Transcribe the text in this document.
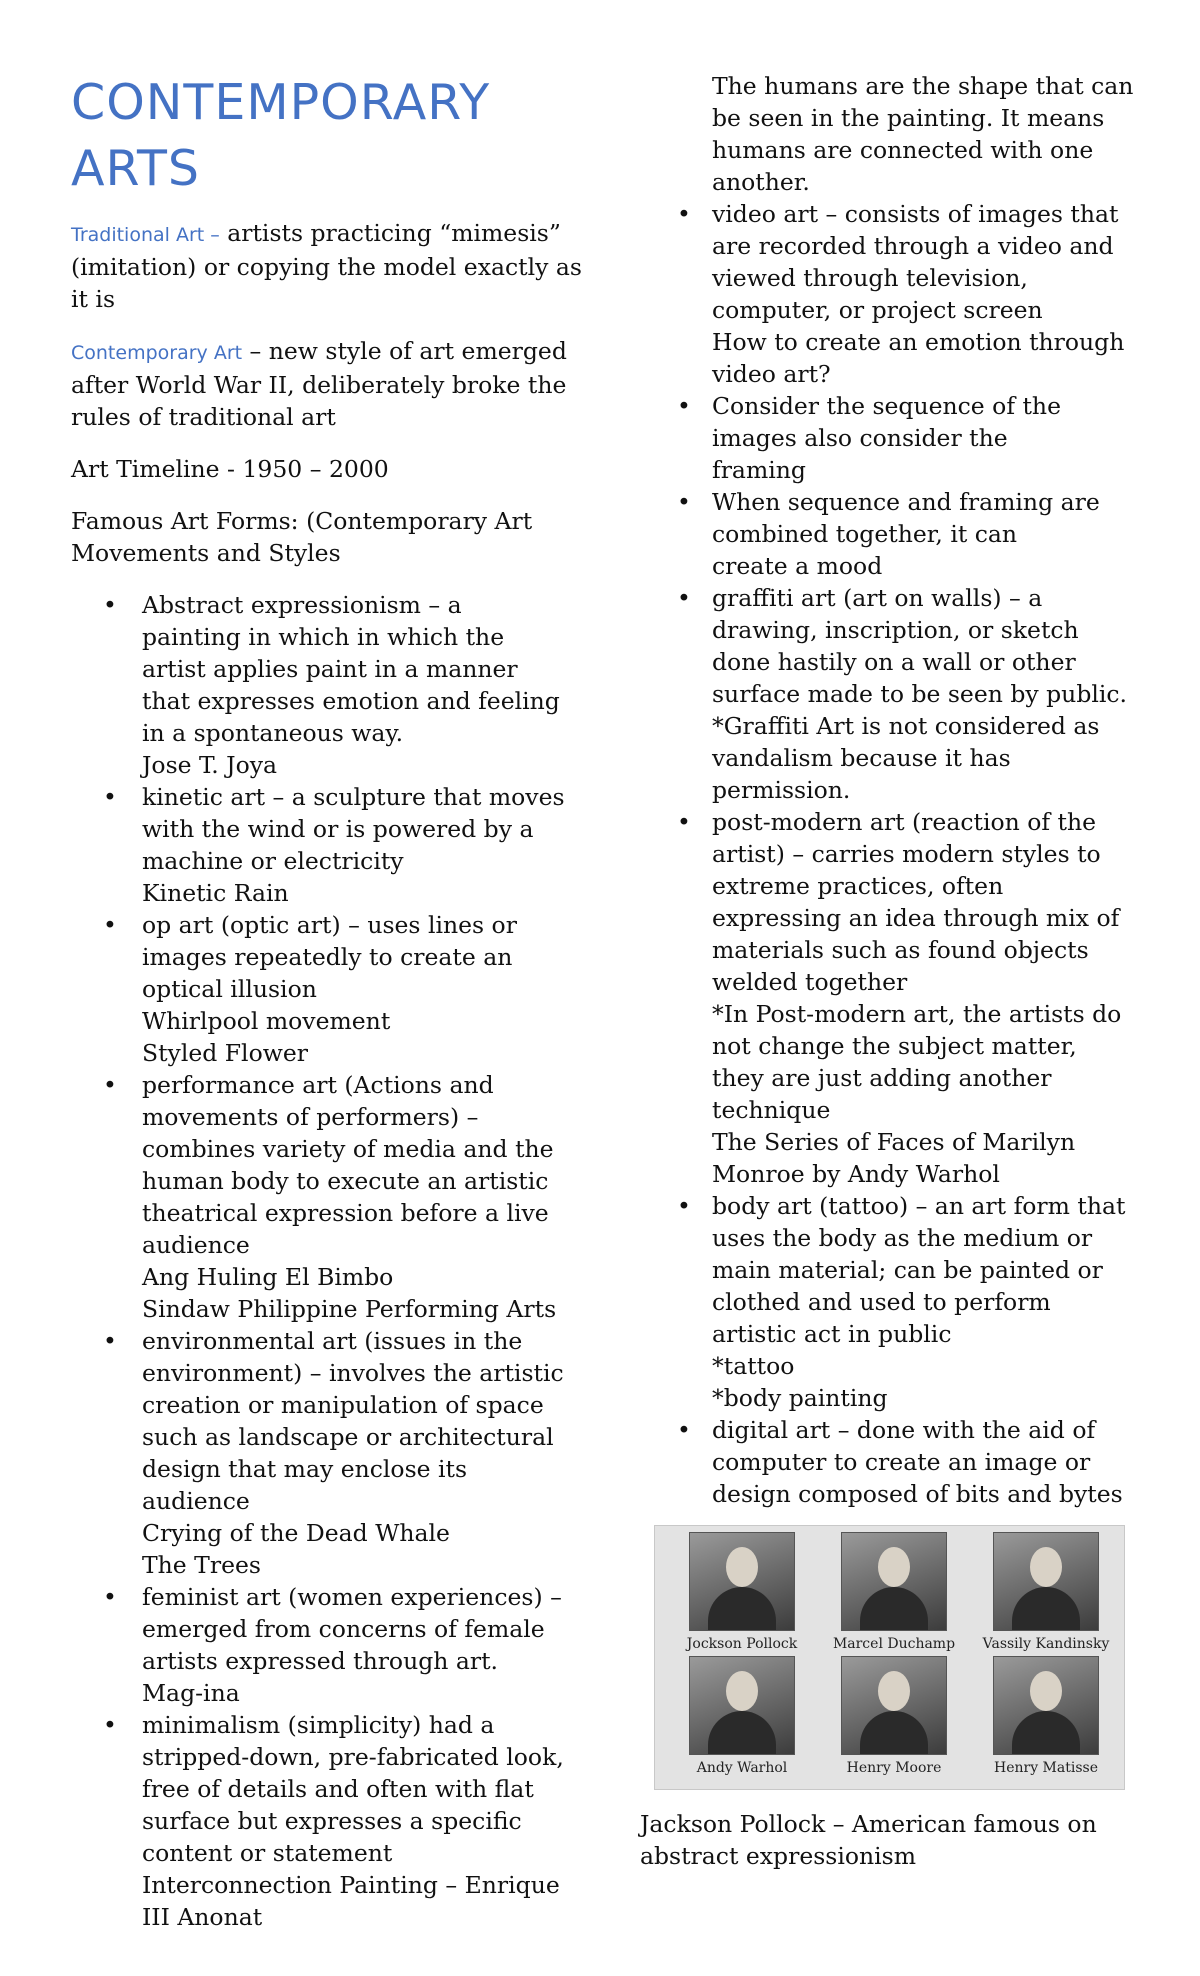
CONTEMPORARY
ARTS

Traditional Art – artists practicing “mimesis” (imitation) or copying the model exactly as it is

Contemporary Art – new style of art emerged after World War II, deliberately broke the rules of traditional art

Art Timeline - 1950 – 2000

Famous Art Forms: (Contemporary Art Movements and Styles

• Abstract expressionism – a
painting in which in which the
artist applies paint in a manner
that expresses emotion and feeling
in a spontaneous way.
Jose T. Joya
• kinetic art – a sculpture that moves
with the wind or is powered by a
machine or electricity
Kinetic Rain
• op art (optic art) – uses lines or
images repeatedly to create an
optical illusion
Whirlpool movement
Styled Flower
• performance art (Actions and
movements of performers) –
combines variety of media and the
human body to execute an artistic
theatrical expression before a live
audience
Ang Huling El Bimbo
Sindaw Philippine Performing Arts
• environmental art (issues in the
environment) – involves the artistic
creation or manipulation of space
such as landscape or architectural
design that may enclose its
audience
Crying of the Dead Whale
The Trees
• feminist art (women experiences) –
emerged from concerns of female
artists expressed through art.
Mag-ina
• minimalism (simplicity) had a
stripped-down, pre-fabricated look,
free of details and often with flat
surface but expresses a specific
content or statement
Interconnection Painting – Enrique
III Anonat
The humans are the shape that can
be seen in the painting. It means
humans are connected with one
another.
• video art – consists of images that
are recorded through a video and
viewed through television,
computer, or project screen
How to create an emotion through
video art?
• Consider the sequence of the
images also consider the
framing
• When sequence and framing are
combined together, it can
create a mood
• graffiti art (art on walls) – a
drawing, inscription, or sketch
done hastily on a wall or other
surface made to be seen by public.
*Graffiti Art is not considered as
vandalism because it has
permission.
• post-modern art (reaction of the
artist) – carries modern styles to
extreme practices, often
expressing an idea through mix of
materials such as found objects
welded together
*In Post-modern art, the artists do
not change the subject matter,
they are just adding another
technique
The Series of Faces of Marilyn
Monroe by Andy Warhol
• body art (tattoo) – an art form that
uses the body as the medium or
main material; can be painted or
clothed and used to perform
artistic act in public
*tattoo
*body painting
• digital art – done with the aid of
computer to create an image or
design composed of bits and bytes
Jockson Pollock	Marcel Duchamp	Vassily Kandinsky
Andy Warhol	Henry Moore	Henry Matisse
Jackson Pollock – American famous on
abstract expressionism
